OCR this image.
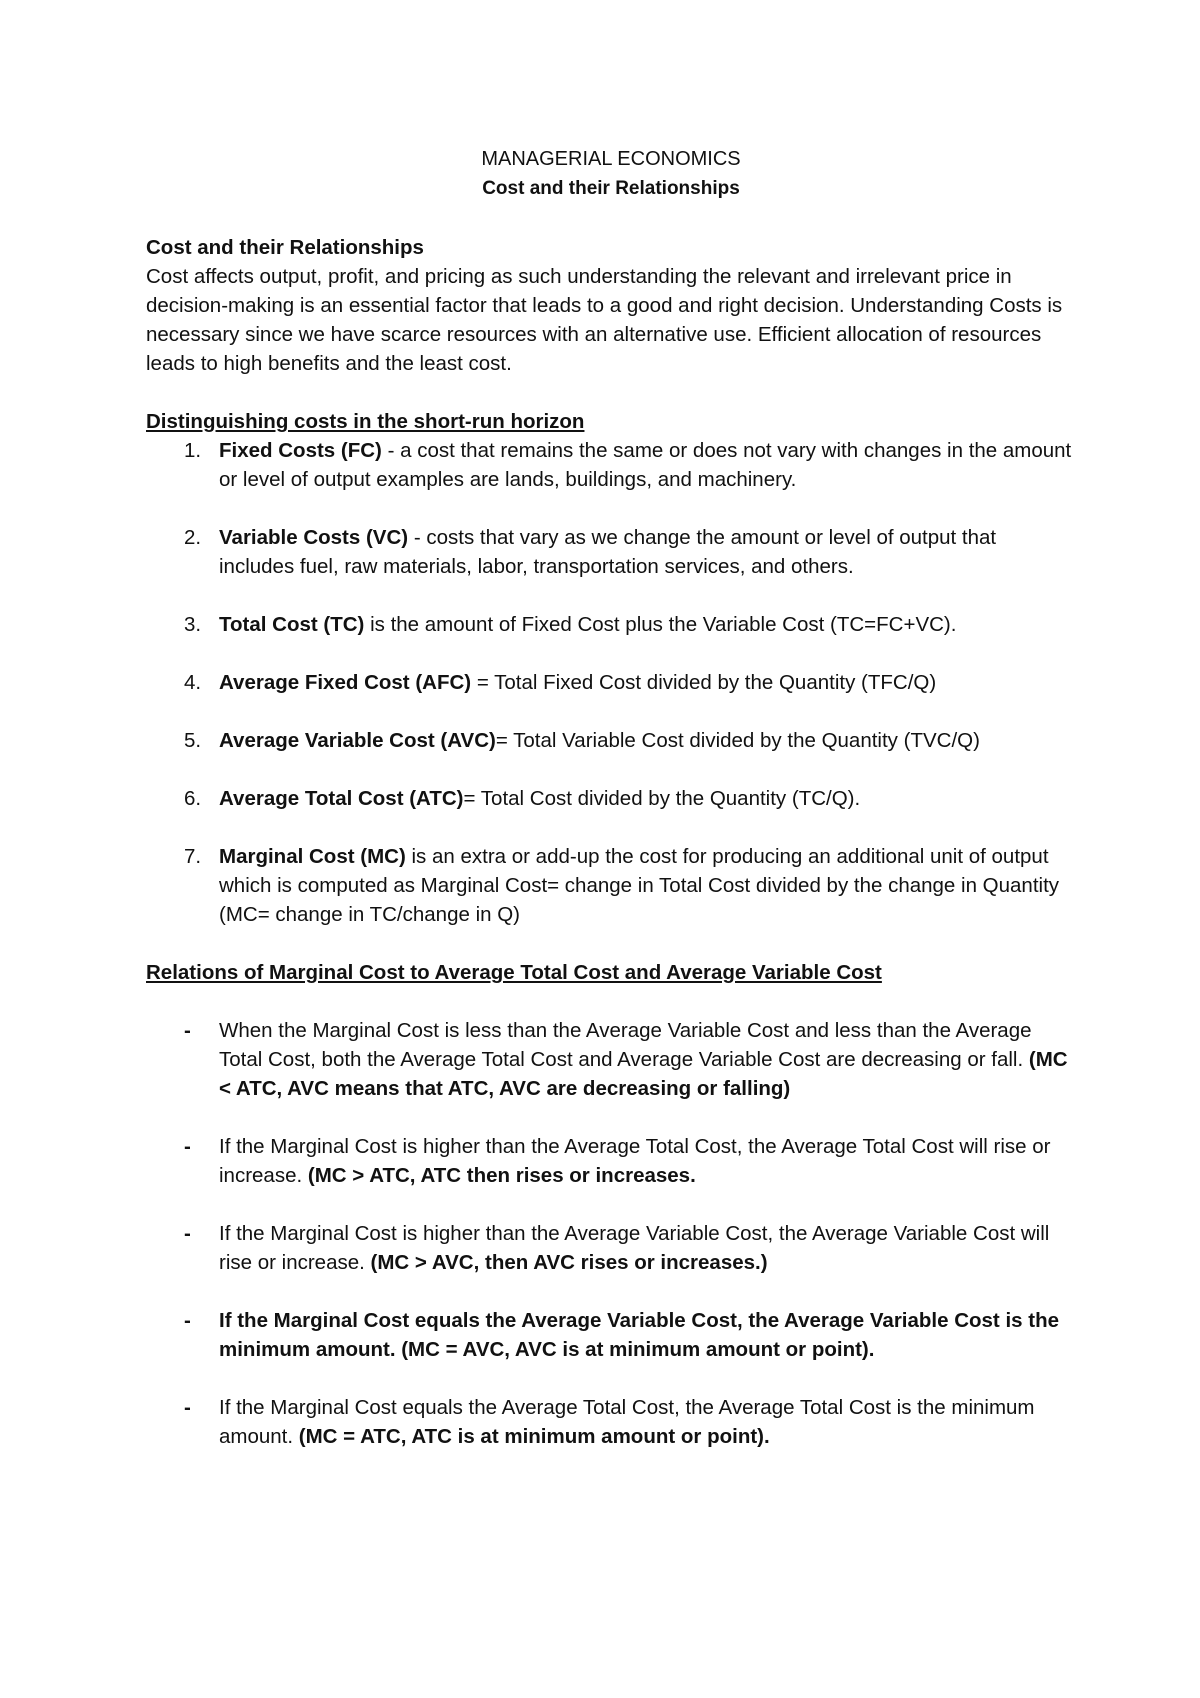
MANAGERIAL ECONOMICS
Cost and their Relationships
Cost and their Relationships

Cost affects output, profit, and pricing as such understanding the relevant and irrelevant price in decision-making is an essential factor that leads to a good and right decision. Understanding Costs is necessary since we have scarce resources with an alternative use. Efficient allocation of resources leads to high benefits and the least cost.

Distinguishing costs in the short-run horizon
1. Fixed Costs (FC) - a cost that remains the same or does not vary with changes in the amount or level of output examples are lands, buildings, and machinery.
2. Variable Costs (VC) - costs that vary as we change the amount or level of output that includes fuel, raw materials, labor, transportation services, and others.
3. Total Cost (TC) is the amount of Fixed Cost plus the Variable Cost (TC=FC+VC).
4. Average Fixed Cost (AFC) = Total Fixed Cost divided by the Quantity (TFC/Q)
5. Average Variable Cost (AVC)= Total Variable Cost divided by the Quantity (TVC/Q)
6. Average Total Cost (ATC)= Total Cost divided by the Quantity (TC/Q).
7. Marginal Cost (MC) is an extra or add-up the cost for producing an additional unit of output which is computed as Marginal Cost= change in Total Cost divided by the change in Quantity (MC= change in TC/change in Q)
Relations of Marginal Cost to Average Total Cost and Average Variable Cost
- When the Marginal Cost is less than the Average Variable Cost and less than the Average Total Cost, both the Average Total Cost and Average Variable Cost are decreasing or fall. (MC < ATC, AVC means that ATC, AVC are decreasing or falling)
- If the Marginal Cost is higher than the Average Total Cost, the Average Total Cost will rise or increase. (MC > ATC, ATC then rises or increases.
- If the Marginal Cost is higher than the Average Variable Cost, the Average Variable Cost will rise or increase. (MC > AVC, then AVC rises or increases.)
- If the Marginal Cost equals the Average Variable Cost, the Average Variable Cost is the minimum amount. (MC = AVC, AVC is at minimum amount or point).
- If the Marginal Cost equals the Average Total Cost, the Average Total Cost is the minimum amount. (MC = ATC, ATC is at minimum amount or point).
